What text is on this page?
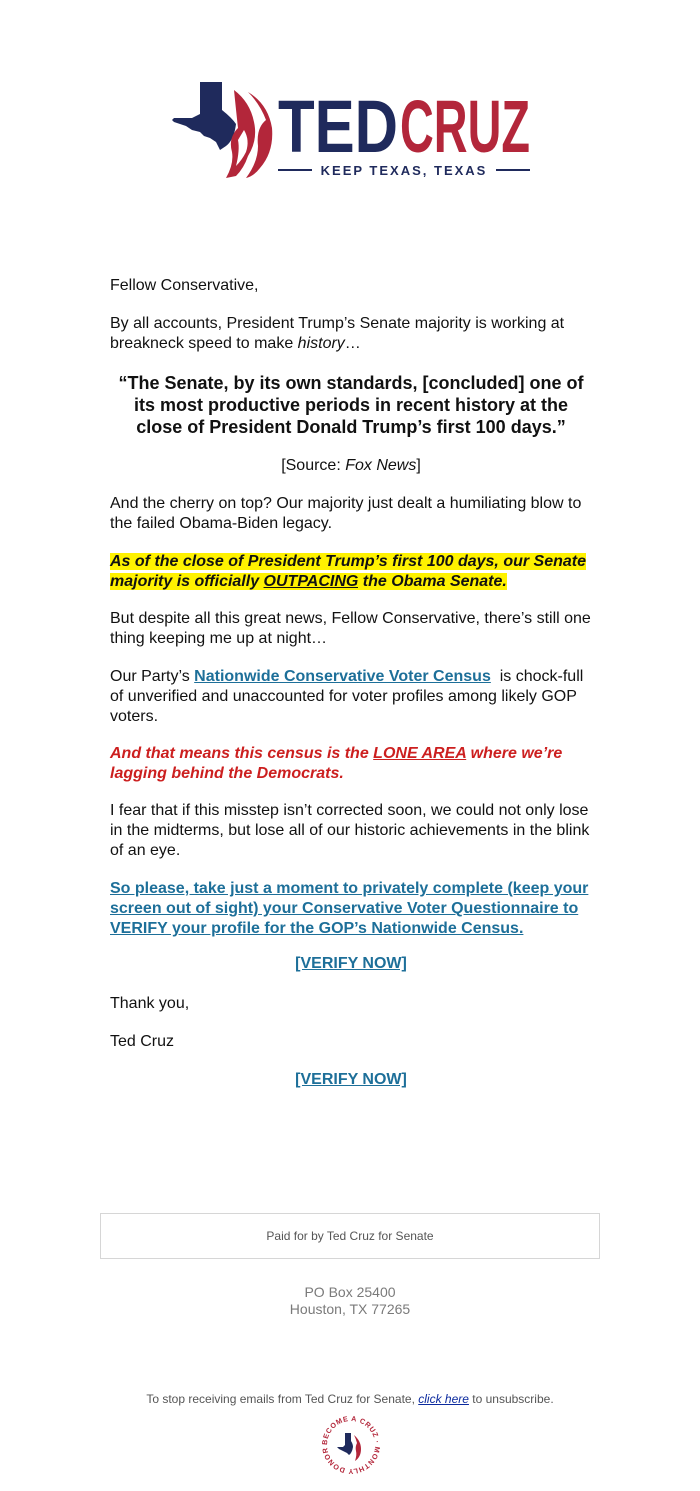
TED CRUZ
KEEP TEXAS, TEXAS

Fellow Conservative,

By all accounts, President Trump’s Senate majority is working at breakneck speed to make history…

“The Senate, by its own standards, [concluded] one of its most productive periods in recent history at the close of President Donald Trump’s first 100 days.”

[Source: Fox News]

And the cherry on top? Our majority just dealt a humiliating blow to the failed Obama-Biden legacy.

As of the close of President Trump’s first 100 days, our Senate majority is officially OUTPACING the Obama Senate.

But despite all this great news, Fellow Conservative, there’s still one thing keeping me up at night…

Our Party’s Nationwide Conservative Voter Census  is chock-full of unverified and unaccounted for voter profiles among likely GOP voters.

And that means this census is the LONE AREA where we’re lagging behind the Democrats.

I fear that if this misstep isn’t corrected soon, we could not only lose in the midterms, but lose all of our historic achievements in the blink of an eye.

So please, take just a moment to privately complete (keep your screen out of sight) your Conservative Voter Questionnaire to VERIFY your profile for the GOP’s Nationwide Census.

[VERIFY NOW]

Thank you,

Ted Cruz

[VERIFY NOW]

Paid for by Ted Cruz for Senate
PO Box 25400
Houston, TX 77265
To stop receiving emails from Ted Cruz for Senate, click here to unsubscribe.
BECOME A CRUZ · MONTHLY DONOR
